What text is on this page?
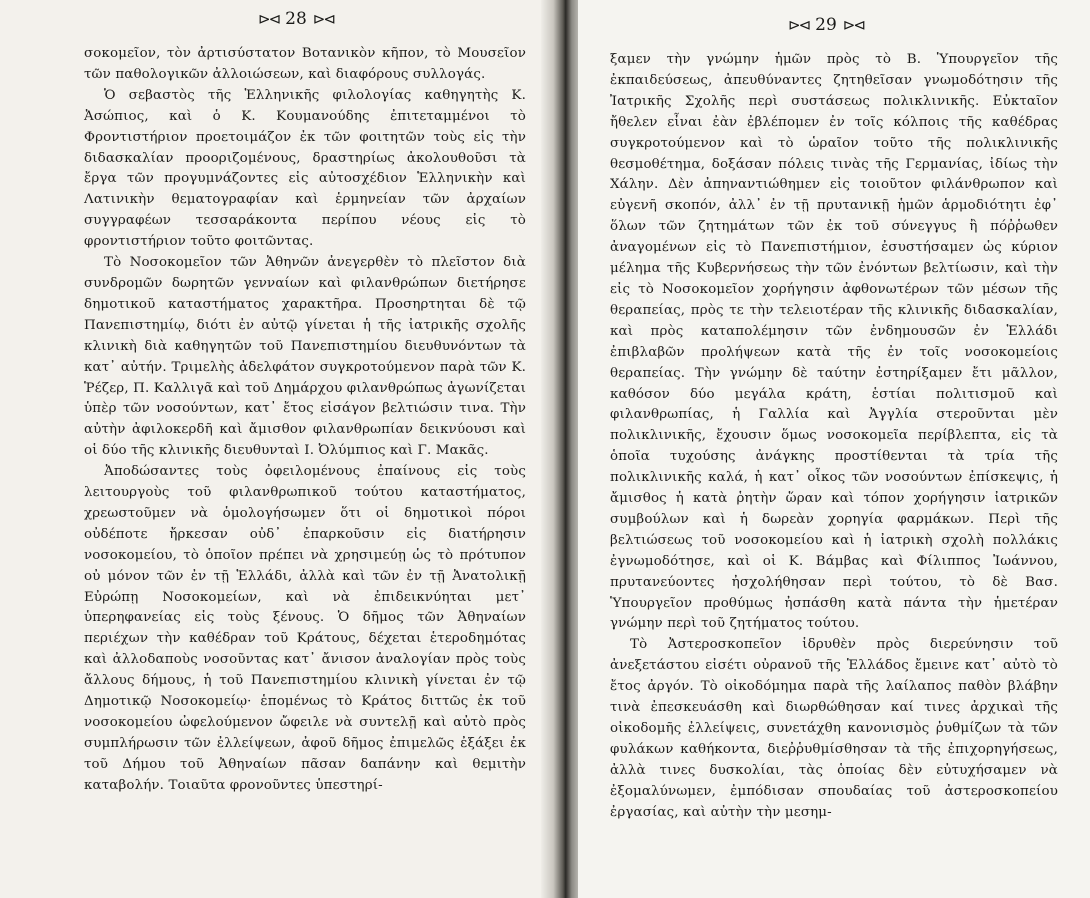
⊳⊲ 28 ⊳⊲

σοκομεῖον, τὸν ἀρτισύστατον Βοτανικὸν κῆπον, τὸ Μουσεῖον τῶν παθολογικῶν ἀλλοιώσεων, καὶ διαφόρους συλλογάς.

Ὁ σεβαστὸς τῆς Ἑλληνικῆς φιλολογίας καθηγητὴς Κ. Ἀσώπιος, καὶ ὁ Κ. Κουμανούδης ἐπιτεταμμένοι τὸ Φροντιστήριον προετοιμάζον ἐκ τῶν φοιτητῶν τοὺς εἰς τὴν διδασκαλίαν προοριζομένους, δραστηρίως ἀκολουθοῦσι τὰ ἔργα τῶν προγυμνάζοντες εἰς αὐτοσχέδιον Ἑλληνικὴν καὶ Λατινικὴν θεματογραφίαν καὶ ἑρμηνείαν τῶν ἀρχαίων συγγραφέων τεσσαράκοντα περίπου νέους εἰς τὸ φροντιστήριον τοῦτο φοιτῶντας.

Τὸ Νοσοκομεῖον τῶν Ἀθηνῶν ἀνεγερθὲν τὸ πλεῖστον διὰ συνδρομῶν δωρητῶν γενναίων καὶ φιλανθρώπων διετήρησε δημοτικοῦ καταστήματος χαρακτῆρα. Προσηρτηται δὲ τῷ Πανεπιστημίῳ, διότι ἐν αὐτῷ γίνεται ἡ τῆς ἰατρικῆς σχολῆς κλινικὴ διὰ καθηγητῶν τοῦ Πανεπιστημίου διευθυνόντων τὰ κατ᾽ αὐτήν. Τριμελὴς ἀδελφάτον συγκροτούμενον παρὰ τῶν Κ. Ῥέζερ, Π. Καλλιγᾶ καὶ τοῦ Δημάρχου φιλανθρώπως ἀγωνίζεται ὑπὲρ τῶν νοσούντων, κατ᾽ ἔτος εἰσάγον βελτιώσιν τινα. Τὴν αὐτὴν ἀφιλοκερδῆ καὶ ἄμισθον φιλανθρωπίαν δεικνύουσι καὶ οἱ δύο τῆς κλινικῆς διευθυνταὶ Ι. Ὀλύμπιος καὶ Γ. Μακᾶς.

Ἀποδώσαντες τοὺς ὀφειλομένους ἐπαίνους εἰς τοὺς λειτουργοὺς τοῦ φιλανθρωπικοῦ τούτου καταστήματος, χρεωστοῦμεν νὰ ὁμολογήσωμεν ὅτι οἱ δημοτικοὶ πόροι οὐδέποτε ἤρκεσαν οὐδ᾽ ἐπαρκοῦσιν εἰς διατήρησιν νοσοκομείου, τὸ ὁποῖον πρέπει νὰ χρησιμεύῃ ὡς τὸ πρότυπον οὐ μόνον τῶν ἐν τῇ Ἑλλάδι, ἀλλὰ καὶ τῶν ἐν τῇ Ἀνατολικῇ Εὐρώπῃ Νοσοκομείων, καὶ νὰ ἐπιδεικνύηται μετ᾽ ὑπερηφανείας εἰς τοὺς ξένους. Ὁ δῆμος τῶν Ἀθηναίων περιέχων τὴν καθέδραν τοῦ Κράτους, δέχεται ἑτεροδημότας καὶ ἀλλοδαποὺς νοσοῦντας κατ᾽ ἄνισον ἀναλογίαν πρὸς τοὺς ἄλλους δήμους, ἡ τοῦ Πανεπιστημίου κλινικὴ γίνεται ἐν τῷ Δημοτικῷ Νοσοκομείῳ· ἑπομένως τὸ Κράτος διττῶς ἐκ τοῦ νοσοκομείου ὠφελούμενον ὤφειλε νὰ συντελῇ καὶ αὐτὸ πρὸς συμπλήρωσιν τῶν ἐλλείψεων, ἀφοῦ δῆμος ἐπιμελῶς ἐξάξει ἐκ τοῦ Δήμου τοῦ Ἀθηναίων πᾶσαν δαπάνην καὶ θεμιτὴν καταβολήν. Τοιαῦτα φρονοῦντες ὑπεστηρί-

⊳⊲ 29 ⊳⊲

ξαμεν τὴν γνώμην ἡμῶν πρὸς τὸ Β. Ὑπουργεῖον τῆς ἐκπαιδεύσεως, ἀπευθύναντες ζητηθεῖσαν γνωμοδότησιν τῆς Ἰατρικῆς Σχολῆς περὶ συστάσεως πολικλινικῆς. Εὐκταῖον ἤθελεν εἶναι ἐὰν ἐβλέπομεν ἐν τοῖς κόλποις τῆς καθέδρας συγκροτούμενον καὶ τὸ ὡραῖον τοῦτο τῆς πολικλινικῆς θεσμοθέτημα, δοξάσαν πόλεις τινὰς τῆς Γερμανίας, ἰδίως τὴν Χάλην. Δὲν ἀπηναντιώθημεν εἰς τοιοῦτον φιλάνθρωπον καὶ εὐγενῆ σκοπόν, ἀλλ᾽ ἐν τῇ πρυτανικῇ ἡμῶν ἁρμοδιότητι ἐφ᾽ ὅλων τῶν ζητημάτων τῶν ἐκ τοῦ σύνεγγυς ἢ πόῤῥωθεν ἀναγομένων εἰς τὸ Πανεπιστήμιον, ἐσυστήσαμεν ὡς κύριον μέλημα τῆς Κυβερνήσεως τὴν τῶν ἐνόντων βελτίωσιν, καὶ τὴν εἰς τὸ Νοσοκομεῖον χορήγησιν ἀφθονωτέρων τῶν μέσων τῆς θεραπείας, πρὸς τε τὴν τελειοτέραν τῆς κλινικῆς διδασκαλίαν, καὶ πρὸς καταπολέμησιν τῶν ἐνδημουσῶν ἐν Ἑλλάδι ἐπιβλαβῶν προλήψεων κατὰ τῆς ἐν τοῖς νοσοκομείοις θεραπείας. Τὴν γνώμην δὲ ταύτην ἐστηρίξαμεν ἔτι μᾶλλον, καθόσον δύο μεγάλα κράτη, ἑστίαι πολιτισμοῦ καὶ φιλανθρωπίας, ἡ Γαλλία καὶ Ἀγγλία στεροῦνται μὲν πολικλινικῆς, ἔχουσιν ὅμως νοσοκομεῖα περίβλεπτα, εἰς τὰ ὁποῖα τυχούσης ἀνάγκης προστίθενται τὰ τρία τῆς πολικλινικῆς καλά, ἡ κατ᾽ οἶκος τῶν νοσούντων ἐπίσκεψις, ἡ ἄμισθος ἡ κατὰ ῥητὴν ὥραν καὶ τόπον χορήγησιν ἰατρικῶν συμβούλων καὶ ἡ δωρεὰν χορηγία φαρμάκων. Περὶ τῆς βελτιώσεως τοῦ νοσοκομείου καὶ ἡ ἰατρικὴ σχολὴ πολλάκις ἐγνωμοδότησε, καὶ οἱ Κ. Βάμβας καὶ Φίλιππος Ἰωάννου, πρυτανεύοντες ἠσχολήθησαν περὶ τούτου, τὸ δὲ Βασ. Ὑπουργεῖον προθύμως ἠσπάσθη κατὰ πάντα τὴν ἡμετέραν γνώμην περὶ τοῦ ζητήματος τούτου.

Τὸ Ἀστεροσκοπεῖον ἱδρυθὲν πρὸς διερεύνησιν τοῦ ἀνεξετάστου εἰσέτι οὐρανοῦ τῆς Ἑλλάδος ἔμεινε κατ᾽ αὐτὸ τὸ ἔτος ἀργόν. Τὸ οἰκοδόμημα παρὰ τῆς λαίλαπος παθὸν βλάβην τινὰ ἐπεσκευάσθη καὶ διωρθώθησαν καί τινες ἀρχικαὶ τῆς οἰκοδομῆς ἐλλείψεις, συνετάχθη κανονισμὸς ῥυθμίζων τὰ τῶν φυλάκων καθήκοντα, διεῤῥυθμίσθησαν τὰ τῆς ἐπιχορηγήσεως, ἀλλὰ τινες δυσκολίαι, τὰς ὁποίας δὲν εὐτυχήσαμεν νὰ ἐξομαλύνωμεν, ἐμπόδισαν σπουδαίας τοῦ ἀστεροσκοπείου ἐργασίας, καὶ αὐτὴν τὴν μεσημ-
